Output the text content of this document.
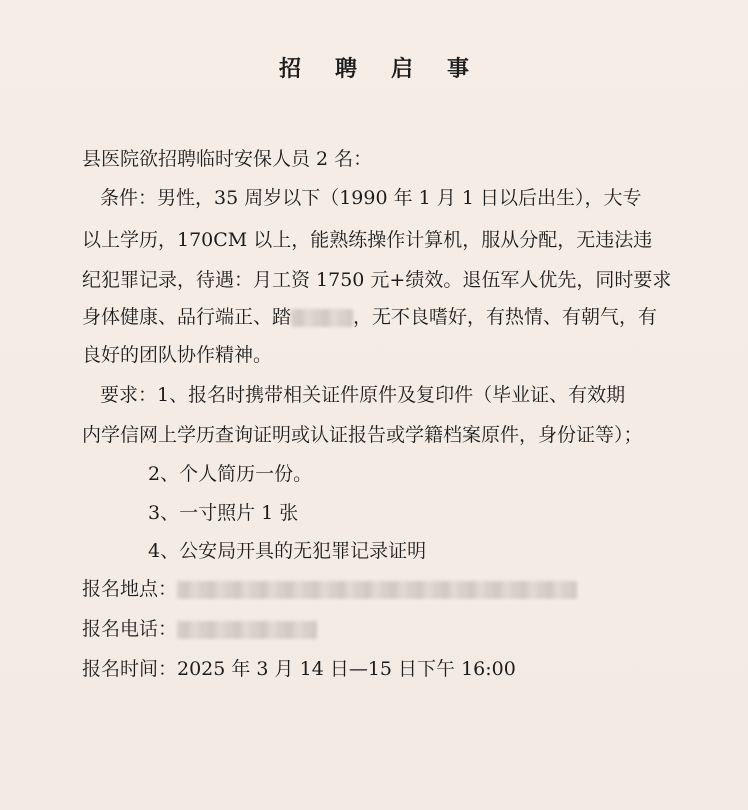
招聘启事
县医院欲招聘临时安保人员 2 名：
条件：男性，35 周岁以下（1990 年 1 月 1 日以后出生），大专
以上学历，170CM 以上，能熟练操作计算机，服从分配，无违法违
纪犯罪记录，待遇：月工资 1750 元+绩效。退伍军人优先，同时要求
身体健康、品行端正、踏	，无不良嗜好，有热情、有朝气，有
良好的团队协作精神。
要求：1、报名时携带相关证件原件及复印件（毕业证、有效期
内学信网上学历查询证明或认证报告或学籍档案原件，身份证等）；
2、个人简历一份。
3、一寸照片 1 张
4、公安局开具的无犯罪记录证明
报名地点：
报名电话：
报名时间：2025 年 3 月 14 日—15 日下午 16:00
